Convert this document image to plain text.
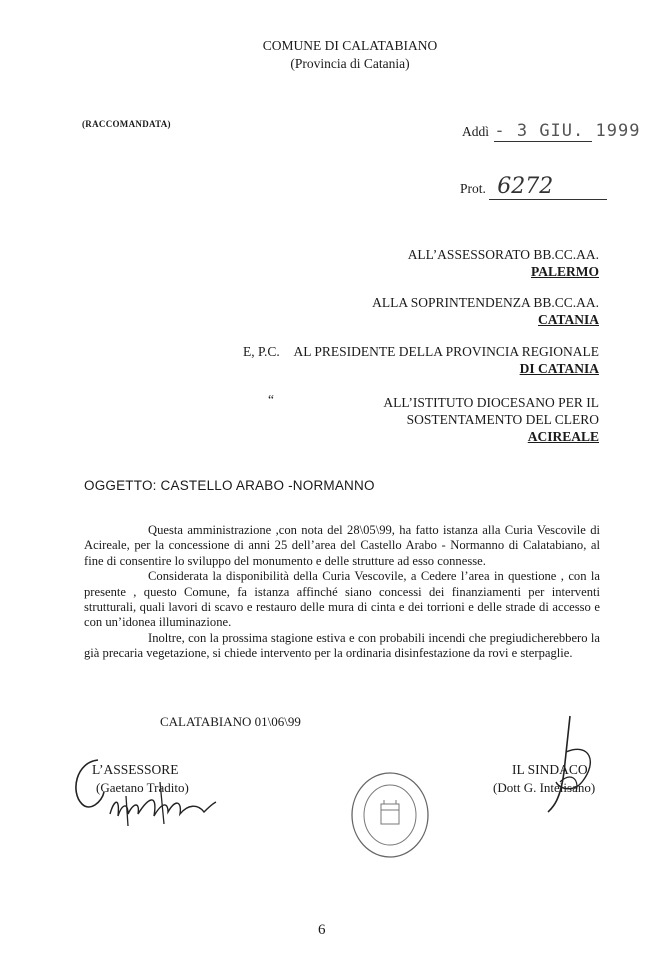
COMUNE DI CALATABIANO
(Provincia di Catania)
(RACCOMANDATA)	Addì - 3 GIU. 1999
Prot. 6272
ALL’ASSESSORATO BB.CC.AA.
PALERMO
ALLA SOPRINTENDENZA BB.CC.AA.
CATANIA
E, P.C. AL PRESIDENTE DELLA PROVINCIA REGIONALE
DI CATANIA
“	ALL’ISTITUTO DIOCESANO PER IL
SOSTENTAMENTO DEL CLERO
ACIREALE
OGGETTO: CASTELLO ARABO -NORMANNO

Questa amministrazione ,con nota del 28\05\99, ha fatto istanza alla Curia Vescovile di Acireale, per la concessione di anni 25 dell’area del Castello Arabo - Normanno di Calatabiano, al fine di consentire lo sviluppo del monumento e delle strutture ad esso connesse.

Considerata la disponibilità della Curia Vescovile, a Cedere l’area in questione , con la presente , questo Comune, fa istanza affinché siano concessi dei finanziamenti per interventi strutturali, quali lavori di scavo e restauro delle mura di cinta e dei torrioni e delle strade di accesso e con un’idonea illuminazione.

Inoltre, con la prossima stagione estiva e con probabili incendi che pregiudicherebbero la già precaria vegetazione, si chiede intervento per la ordinaria disinfestazione da rovi e sterpaglie.

CALATABIANO 01\06\99
L’ASSESSORE
(Gaetano Tradito)
IL SINDACO
(Dott G. Intelisano)
6
